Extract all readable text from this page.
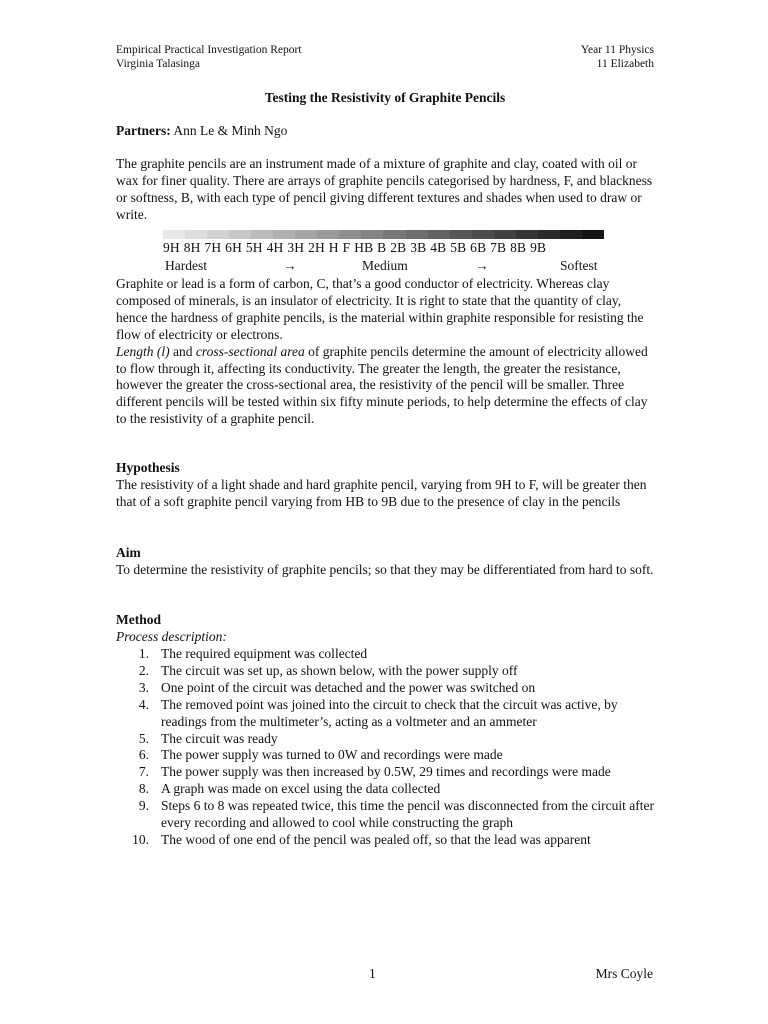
Empirical Practical Investigation Report
Virginia Talasinga
Year 11 Physics
11 Elizabeth
Testing the Resistivity of Graphite Pencils
Partners: Ann Le & Minh Ngo

The graphite pencils are an instrument made of a mixture of graphite and clay, coated with oil or wax for finer quality. There are arrays of graphite pencils categorised by hardness, F, and blackness or softness, B, with each type of pencil giving different textures and shades when used to draw or write.

9H 8H 7H 6H 5H 4H 3H 2H H F HB B 2B 3B 4B 5B 6B 7B 8B 9B
Hardest	→	Medium	→	Softest

Graphite or lead is a form of carbon, C, that’s a good conductor of electricity. Whereas clay composed of minerals, is an insulator of electricity. It is right to state that the quantity of clay, hence the hardness of graphite pencils, is the material within graphite responsible for resisting the flow of electricity or electrons.

Length (l) and cross-sectional area of graphite pencils determine the amount of electricity allowed to flow through it, affecting its conductivity. The greater the length, the greater the resistance, however the greater the cross-sectional area, the resistivity of the pencil will be smaller. Three different pencils will be tested within six fifty minute periods, to help determine the effects of clay to the resistivity of a graphite pencil.

Hypothesis

The resistivity of a light shade and hard graphite pencil, varying from 9H to F, will be greater then that of a soft graphite pencil varying from HB to 9B due to the presence of clay in the pencils

Aim

To determine the resistivity of graphite pencils; so that they may be differentiated from hard to soft.

Method
Process description:
1. The required equipment was collected
2. The circuit was set up, as shown below, with the power supply off
3. One point of the circuit was detached and the power was switched on
4. The removed point was joined into the circuit to check that the circuit was active, by readings from the multimeter’s, acting as a voltmeter and an ammeter
5. The circuit was ready
6. The power supply was turned to 0W and recordings were made
7. The power supply was then increased by 0.5W, 29 times and recordings were made
8. A graph was made on excel using the data collected
9. Steps 6 to 8 was repeated twice, this time the pencil was disconnected from the circuit after every recording and allowed to cool while constructing the graph
10. The wood of one end of the pencil was pealed off, so that the lead was apparent
1	Mrs Coyle
